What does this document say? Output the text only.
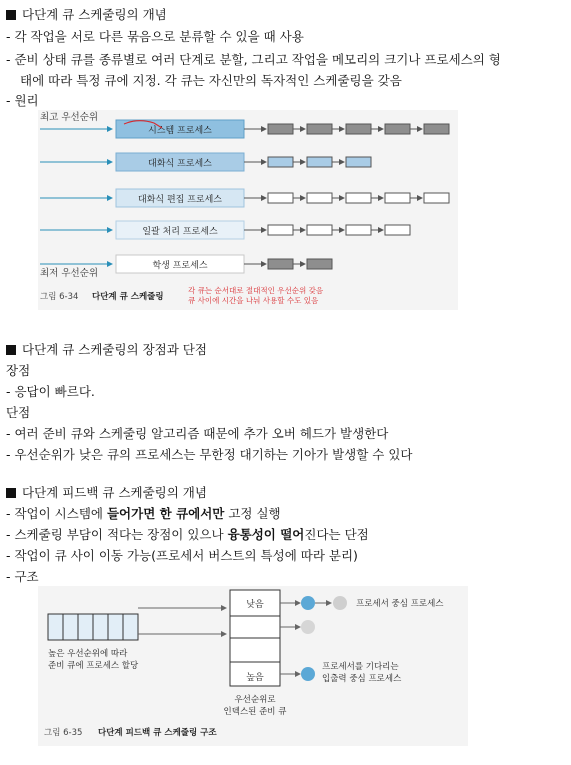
다단계 큐 스케줄링의 개념
- 각 작업을 서로 다른 묶음으로 분류할 수 있을 때 사용
- 준비 상태 큐를 종류별로 여러 단계로 분할, 그리고 작업을 메모리의 크기나 프로세스의 형
태에 따라 특정 큐에 지정. 각 큐는 자신만의 독자적인 스케줄링을 갖음
- 원리
최고 우선순위
최저 우선순위
시스템 프로세스
대화식 프로세스
대화식 편집 프로세스
일괄 처리 프로세스
학생 프로세스
그림 6-34 다단계 큐 스케줄링
각 큐는 순서대로 절대적인 우선순위 갖음
큐 사이에 시간을 나눠 사용할 수도 있음
다단계 큐 스케줄링의 장점과 단점
장점
- 응답이 빠르다.
단점
- 여러 준비 큐와 스케줄링 알고리즘 때문에 추가 오버 헤드가 발생한다
- 우선순위가 낮은 큐의 프로세스는 무한정 대기하는 기아가 발생할 수 있다
다단계 피드백 큐 스케줄링의 개념
- 작업이 시스템에 들어가면 한 큐에서만 고정 실행
- 스케줄링 부담이 적다는 장점이 있으나 융통성이 떨어진다는 단점
- 작업이 큐 사이 이동 가능(프로세서 버스트의 특성에 따라 분리)
- 구조
높은 우선순위에 따라
준비 큐에 프로세스 할당
낮음
높음
프로세서 중심 프로세스
프로세서를 기다리는
입출력 중심 프로세스
우선순위로
인덱스된 준비 큐
그림 6-35 다단계 피드백 큐 스케줄링 구조
